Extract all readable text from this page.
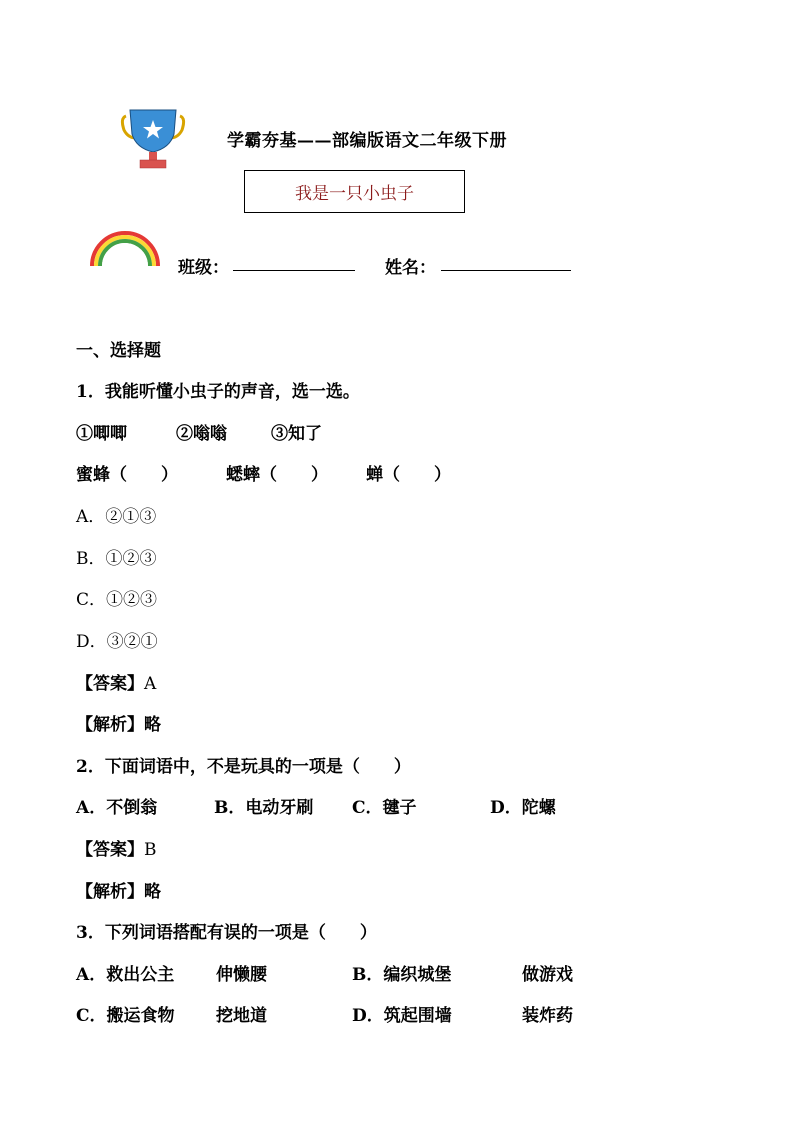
学霸夯基——部编版语文二年级下册
我是一只小虫子
班级：	姓名：
一、选择题
1．我能听懂小虫子的声音，选一选。
①唧唧	②嗡嗡	③知了
蜜蜂（　　）	蟋蟀（　　） 蝉（　　）
A．②①③
B．①②③
C．①②③
D．③②①
【答案】A
【解析】略
2．下面词语中，不是玩具的一项是（　　）
A．不倒翁	B．电动牙刷 C．毽子	D．陀螺
【答案】B
【解析】略
3．下列词语搭配有误的一项是（　　）
A．救出公主 伸懒腰	B．编织城堡	做游戏
C．搬运食物 挖地道	D．筑起围墙	装炸药
